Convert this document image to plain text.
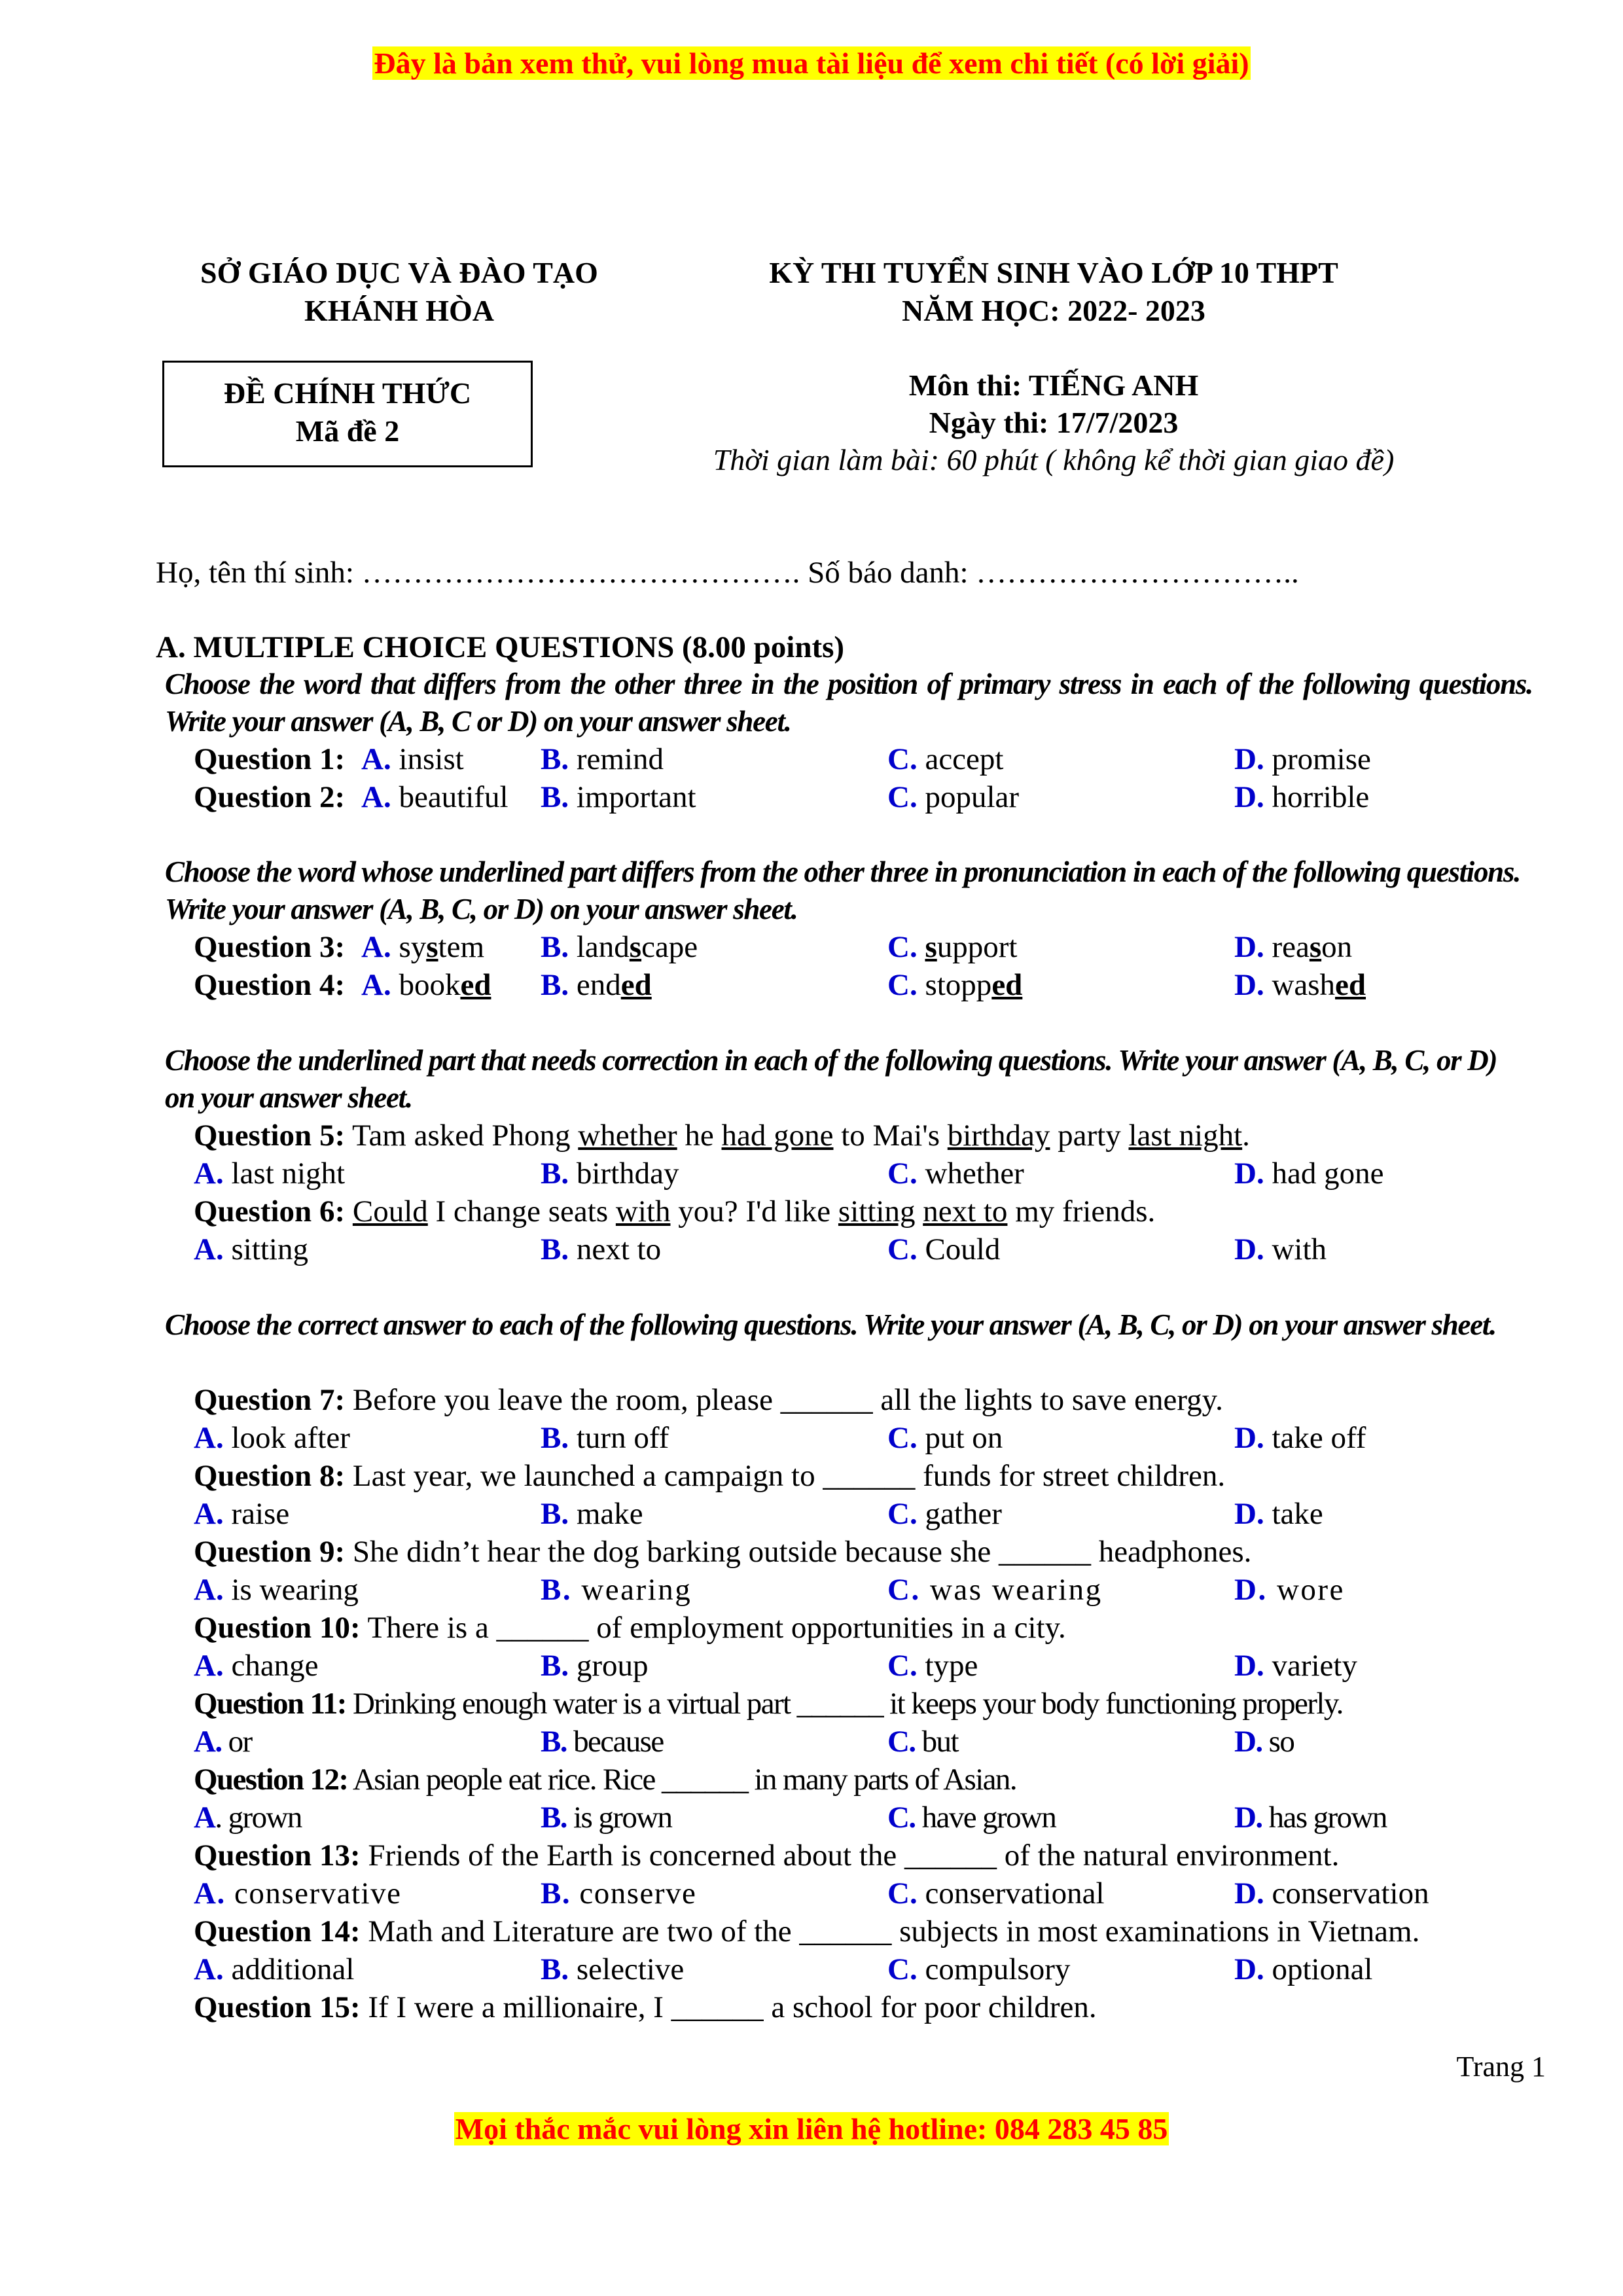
Đây là bản xem thử, vui lòng mua tài liệu để xem chi tiết (có lời giải)
SỞ GIÁO DỤC VÀ ĐÀO TẠO
KHÁNH HÒA
KỲ THI TUYỂN SINH VÀO LỚP 10 THPT
NĂM HỌC: 2022- 2023
ĐỀ CHÍNH THỨC
Mã đề 2
Môn thi: TIẾNG ANH
Ngày thi: 17/7/2023
Thời gian làm bài: 60 phút ( không kể thời gian giao đề)
Họ, tên thí sinh: ……………………………………. Số báo danh: …………………………..
A. MULTIPLE CHOICE QUESTIONS (8.00 points)
Choose the word that differs from the other three in the position of primary stress in each of the following questions. Write your answer (A, B, C or D) on your answer sheet.
Question 1: A. insist B. remind	C. accept	D. promise
Question 2: A. beautiful B. important	C. popular	D. horrible
Choose the word whose underlined part differs from the other three in pronunciation in each of the following questions. Write your answer (A, B, C, or D) on your answer sheet.
Question 3: A. system B. landscape	C. support	D. reason
Question 4: A. booked B. ended	C. stopped	D. washed
Choose the underlined part that needs correction in each of the following questions. Write your answer (A, B, C, or D) on your answer sheet.
Question 5: Tam asked Phong whether he had gone to Mai's birthday party last night.
A. last night	B. birthday	C. whether	D. had gone
Question 6: Could I change seats with you? I'd like sitting next to my friends.
A. sitting	B. next to	C. Could	D. with
Choose the correct answer to each of the following questions. Write your answer (A, B, C, or D) on your answer sheet.
Question 7: Before you leave the room, please ______ all the lights to save energy.
A. look after	B. turn off	C. put on	D. take off
Question 8: Last year, we launched a campaign to ______ funds for street children.
A. raise	B. make	C. gather	D. take
Question 9: She didn’t hear the dog barking outside because she ______ headphones.
A. is wearing	B. wearing	C. was wearing	D. wore
Question 10: There is a ______ of employment opportunities in a city.
A. change	B. group	C. type	D. variety
Question 11: Drinking enough water is a virtual part ______ it keeps your body functioning properly.
A. or	B. because	C. but	D. so
Question 12: Asian people eat rice. Rice ______ in many parts of Asian.
A. grown	B. is grown	C. have grown	D. has grown
Question 13: Friends of the Earth is concerned about the ______ of the natural environment.
A. conservative	B. conserve	C. conservational	D. conservation
Question 14: Math and Literature are two of the ______ subjects in most examinations in Vietnam.
A. additional	B. selective	C. compulsory	D. optional
Question 15: If I were a millionaire, I ______ a school for poor children.
Trang 1
Mọi thắc mắc vui lòng xin liên hệ hotline: 084 283 45 85
